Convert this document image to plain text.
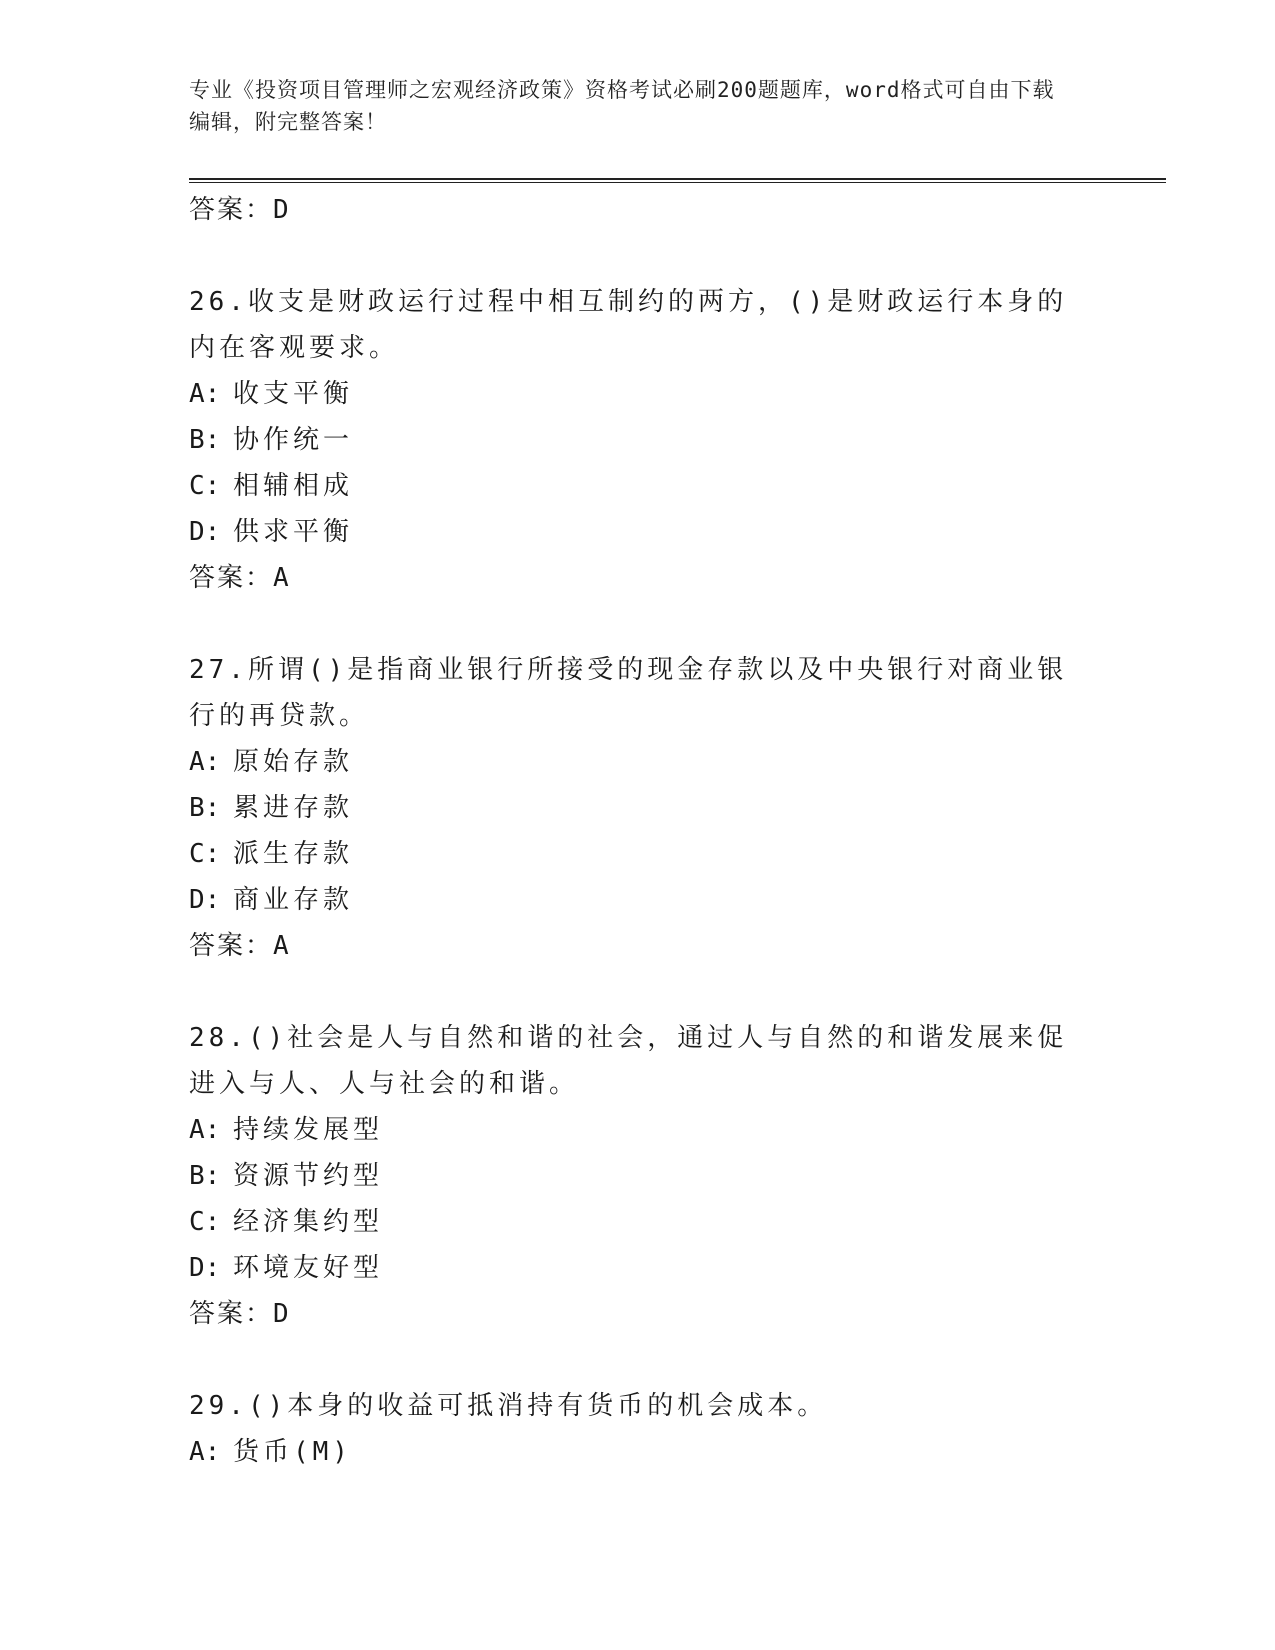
专业《投资项目管理师之宏观经济政策》资格考试必刷200题题库，word格式可自由下载编辑，附完整答案！
答案：D
26.收支是财政运行过程中相互制约的两方，()是财政运行本身的内在客观要求。
A: 收支平衡
B: 协作统一
C: 相辅相成
D: 供求平衡
答案：A
27.所谓()是指商业银行所接受的现金存款以及中央银行对商业银行的再贷款。
A: 原始存款
B: 累进存款
C: 派生存款
D: 商业存款
答案：A
28.()社会是人与自然和谐的社会，通过人与自然的和谐发展来促进入与人、人与社会的和谐。
A: 持续发展型
B: 资源节约型
C: 经济集约型
D: 环境友好型
答案：D
29.()本身的收益可抵消持有货币的机会成本。
A: 货币(M)
